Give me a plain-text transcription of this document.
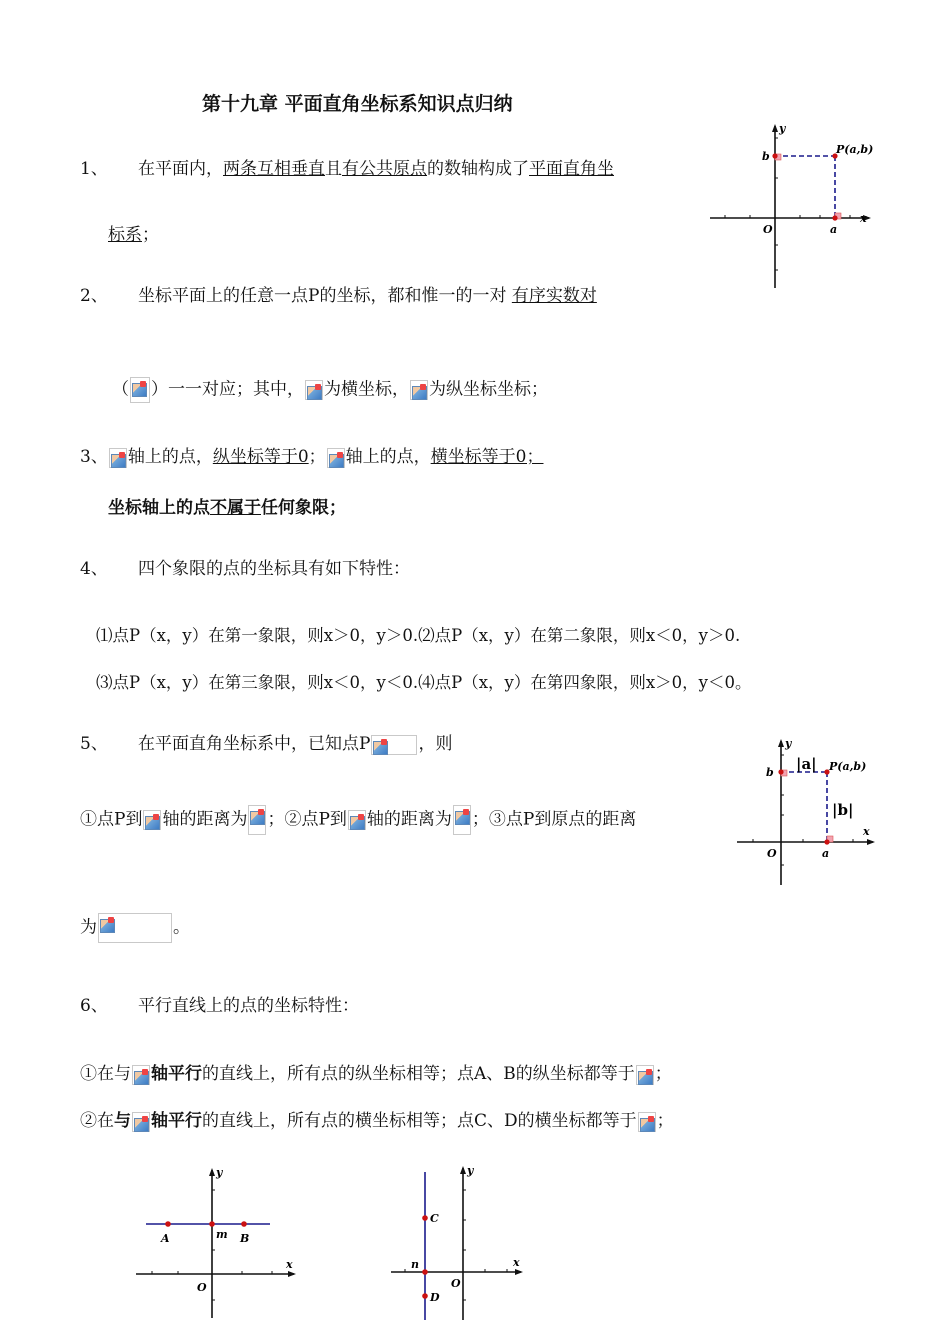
第十九章 平面直角坐标系知识点归纳
1、 在平面内，两条互相垂直且有公共原点的数轴构成了平面直角坐
标系；
y
x
O	a
b
P(a,b)
2、 坐标平面上的任意一点P的坐标，都和惟一的一对 有序实数对
（ ）一一对应；其中， 为横坐标， 为纵坐标坐标；
3、 轴上的点，纵坐标等于0； 轴上的点，横坐标等于0；
坐标轴上的点不属于任何象限；
4、 四个象限的点的坐标具有如下特性：
⑴点P（x，y）在第一象限，则x＞0，y＞0.⑵点P（x，y）在第二象限，则x＜0，y＞0.
⑶点P（x，y）在第三象限，则x＜0，y＜0.⑷点P（x，y）在第四象限，则x＞0，y＜0。
5、 在平面直角坐标系中，已知点P	，则
①点P到 轴的距离为 ；②点P到 轴的距离为 ；③点P到原点的距离
为	。
y
x
O	a
b	P(a,b)
|a|
|b|
6、 平行直线上的点的坐标特性：
①在与 轴平行的直线上，所有点的纵坐标相等；点A、B的纵坐标都等于 ；
②在与 轴平行的直线上，所有点的横坐标相等；点C、D的横坐标都等于 ；
y
x
O
m
A	B
y
x
O
n
C
D
